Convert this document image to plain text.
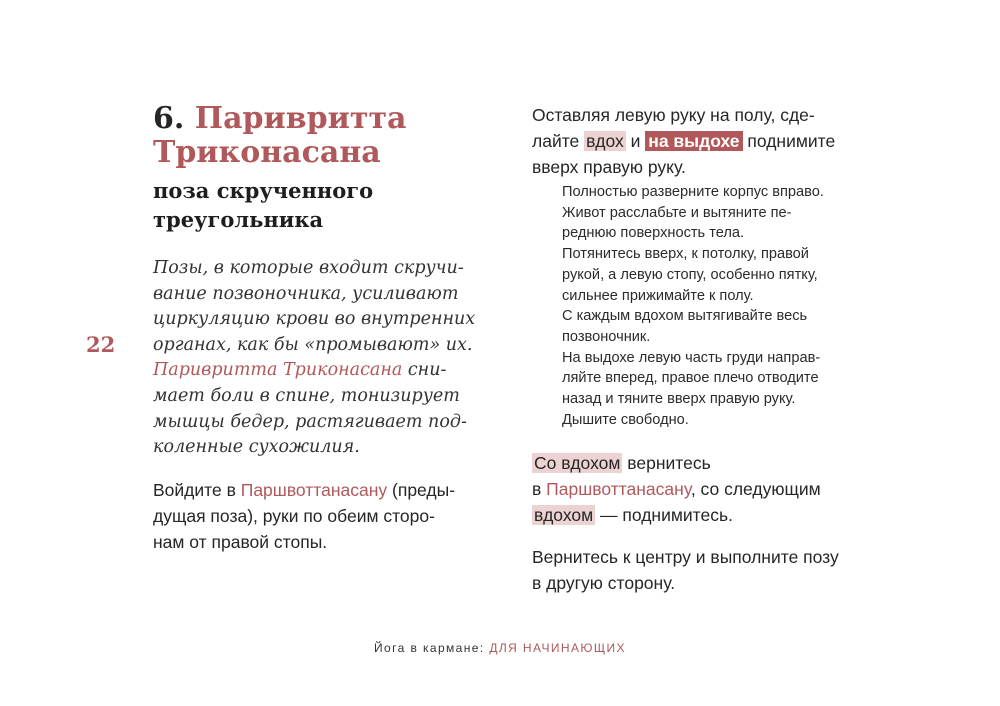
22
6. Паривритта
Триконасана
поза скрученного
треугольника

Позы, в которые входит скручи-

вание позвоночника, усиливают

циркуляцию крови во внутренних

органах, как бы «промывают» их.

Паривритта Триконасана сни-

мает боли в спине, тонизирует

мышцы бедер, растягивает под-

коленные сухожилия.

Войдите в Паршвоттанасану (преды-

дущая поза), руки по обеим сторо-

нам от правой стопы.

Оставляя левую руку на полу, сде-

лайте вдох и на выдохе поднимите

вверх правую руку.

Полностью разверните корпус вправо.

Живот расслабьте и вытяните пе-

реднюю поверхность тела.

Потянитесь вверх, к потолку, правой

рукой, а левую стопу, особенно пятку,

сильнее прижимайте к полу.

С каждым вдохом вытягивайте весь

позвоночник.

На выдохе левую часть груди направ-

ляйте вперед, правое плечо отводите

назад и тяните вверх правую руку.

Дышите свободно.

Со вдохом вернитесь

в Паршвоттанасану, со следующим

вдохом — поднимитесь.

Вернитесь к центру и выполните позу

в другую сторону.

Йога в кармане: ДЛЯ НАЧИНАЮЩИХ
